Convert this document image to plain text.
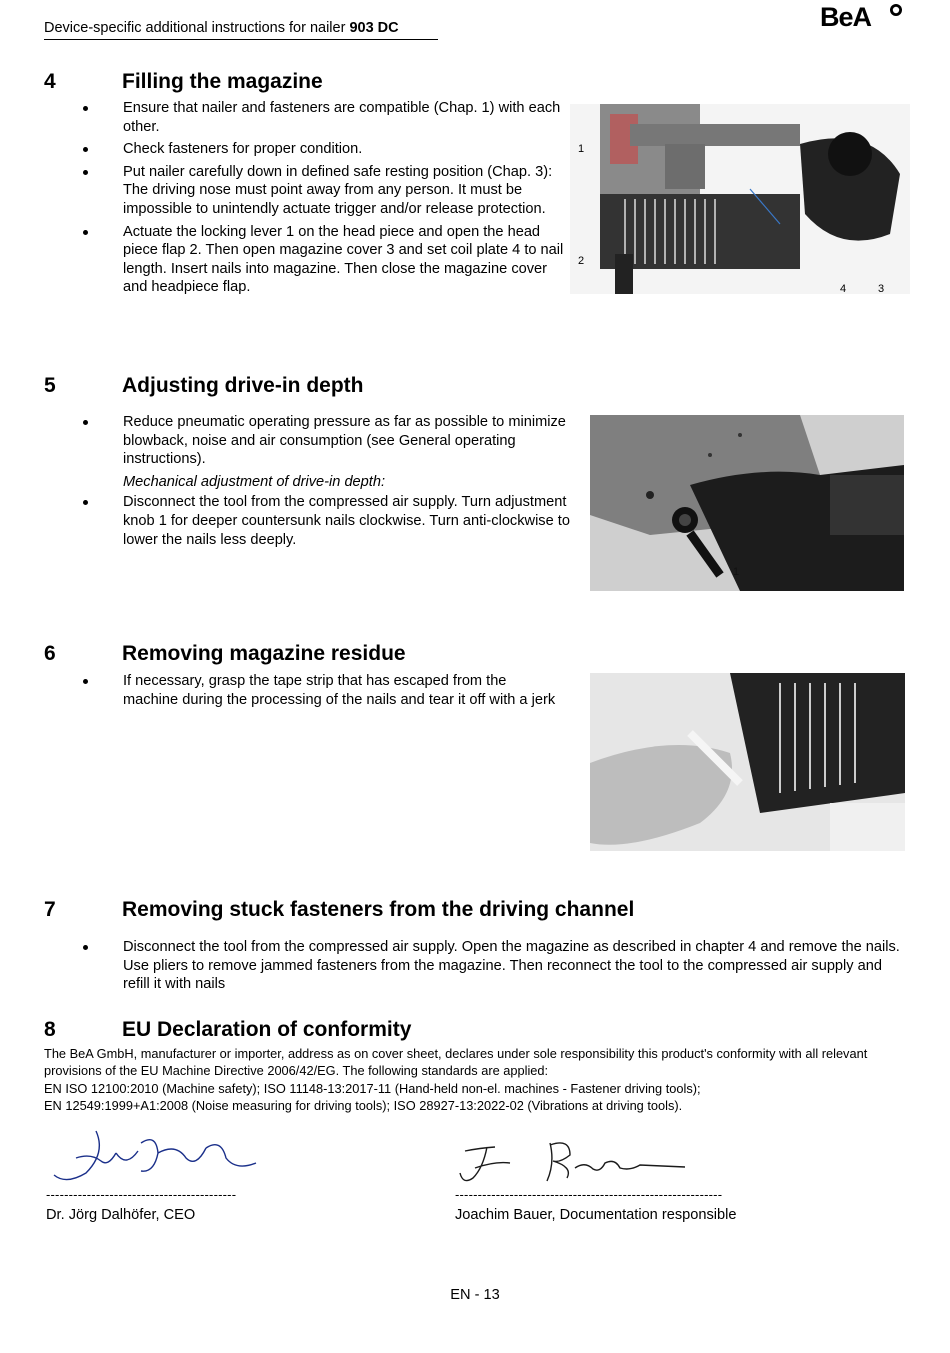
Device-specific additional instructions for nailer 903 DC	BeA
4	Filling the magazine
Ensure that nailer and fasteners are compatible (Chap. 1) with each other.
Check fasteners for proper condition.
Put nailer carefully down in defined safe resting position (Chap. 3): The driving nose must point away from any person. It must be impossible to unintendly actuate trigger and/or release protection.
Actuate the locking lever 1 on the head piece and open the head piece flap 2. Then open magazine cover 3 and set coil plate 4 to nail length. Insert nails into magazine. Then close the magazine cover and headpiece flap.
1
2
4	3
5	Adjusting drive-in depth
Reduce pneumatic operating pressure as far as possible to minimize blowback, noise and air consumption (see General operating instructions).
Mechanical adjustment of drive-in depth:
Disconnect the tool from the compressed air supply. Turn adjustment knob 1 for deeper countersunk nails clockwise. Turn anti-clockwise to lower the nails less deeply.
1
6	Removing magazine residue
If necessary, grasp the tape strip that has escaped from the machine during the processing of the nails and tear it off with a jerk
7	Removing stuck fasteners from the driving channel
Disconnect the tool from the compressed air supply. Open the magazine as described in chapter 4 and remove the nails. Use pliers to remove jammed fasteners from the magazine. Then reconnect the tool to the compressed air supply and refill it with nails
8	EU Declaration of conformity
The BeA GmbH, manufacturer or importer, address as on cover sheet, declares under sole responsibility this product's conformity with all relevant provisions of the EU Machine Directive 2006/42/EG. The following standards are applied:
EN ISO 12100:2010 (Machine safety); ISO 11148-13:2017-11 (Hand-held non-el. machines - Fastener driving tools);
EN 12549:1999+A1:2008 (Noise measuring for driving tools); ISO 28927-13:2022-02 (Vibrations at driving tools).
------------------------------------------	-----------------------------------------------------------
Dr. Jörg Dalhöfer, CEO	Joachim Bauer, Documentation responsible
EN - 13
